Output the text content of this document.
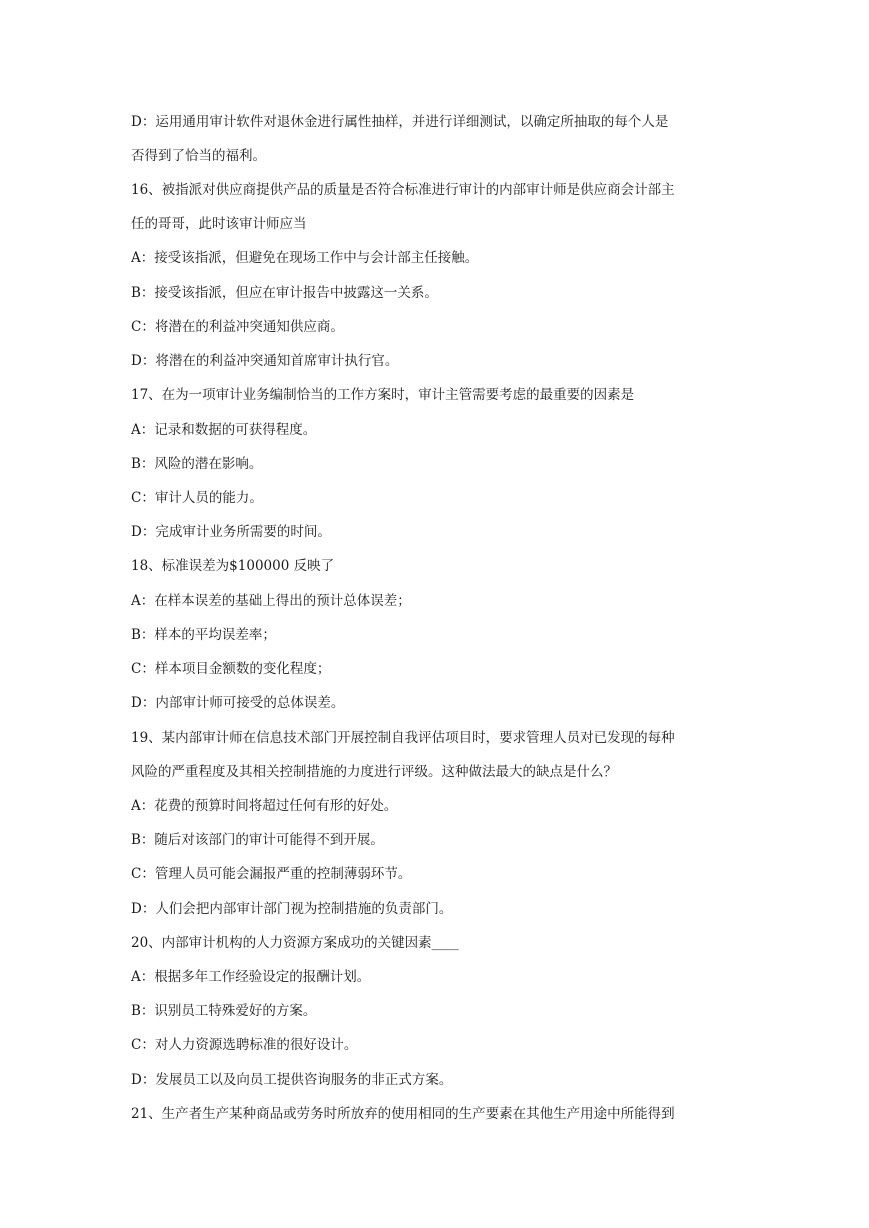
D：运用通用审计软件对退休金进行属性抽样，并进行详细测试，以确定所抽取的每个人是
否得到了恰当的福利。
16、被指派对供应商提供产品的质量是否符合标准进行审计的内部审计师是供应商会计部主
任的哥哥，此时该审计师应当
A：接受该指派，但避免在现场工作中与会计部主任接触。
B：接受该指派，但应在审计报告中披露这一关系。
C：将潜在的利益冲突通知供应商。
D：将潜在的利益冲突通知首席审计执行官。
17、在为一项审计业务编制恰当的工作方案时，审计主管需要考虑的最重要的因素是
A：记录和数据的可获得程度。
B：风险的潜在影响。
C：审计人员的能力。
D：完成审计业务所需要的时间。
18、标准误差为$100000 反映了
A：在样本误差的基础上得出的预计总体误差；
B：样本的平均误差率；
C：样本项目金额数的变化程度；
D：内部审计师可接受的总体误差。
19、某内部审计师在信息技术部门开展控制自我评估项目时，要求管理人员对已发现的每种
风险的严重程度及其相关控制措施的力度进行评级。这种做法最大的缺点是什么？
A：花费的预算时间将超过任何有形的好处。
B：随后对该部门的审计可能得不到开展。
C：管理人员可能会漏报严重的控制薄弱环节。
D：人们会把内部审计部门视为控制措施的负责部门。
20、内部审计机构的人力资源方案成功的关键因素____
A：根据多年工作经验设定的报酬计划。
B：识别员工特殊爱好的方案。
C：对人力资源选聘标准的很好设计。
D：发展员工以及向员工提供咨询服务的非正式方案。
21、生产者生产某种商品或劳务时所放弃的使用相同的生产要素在其他生产用途中所能得到
